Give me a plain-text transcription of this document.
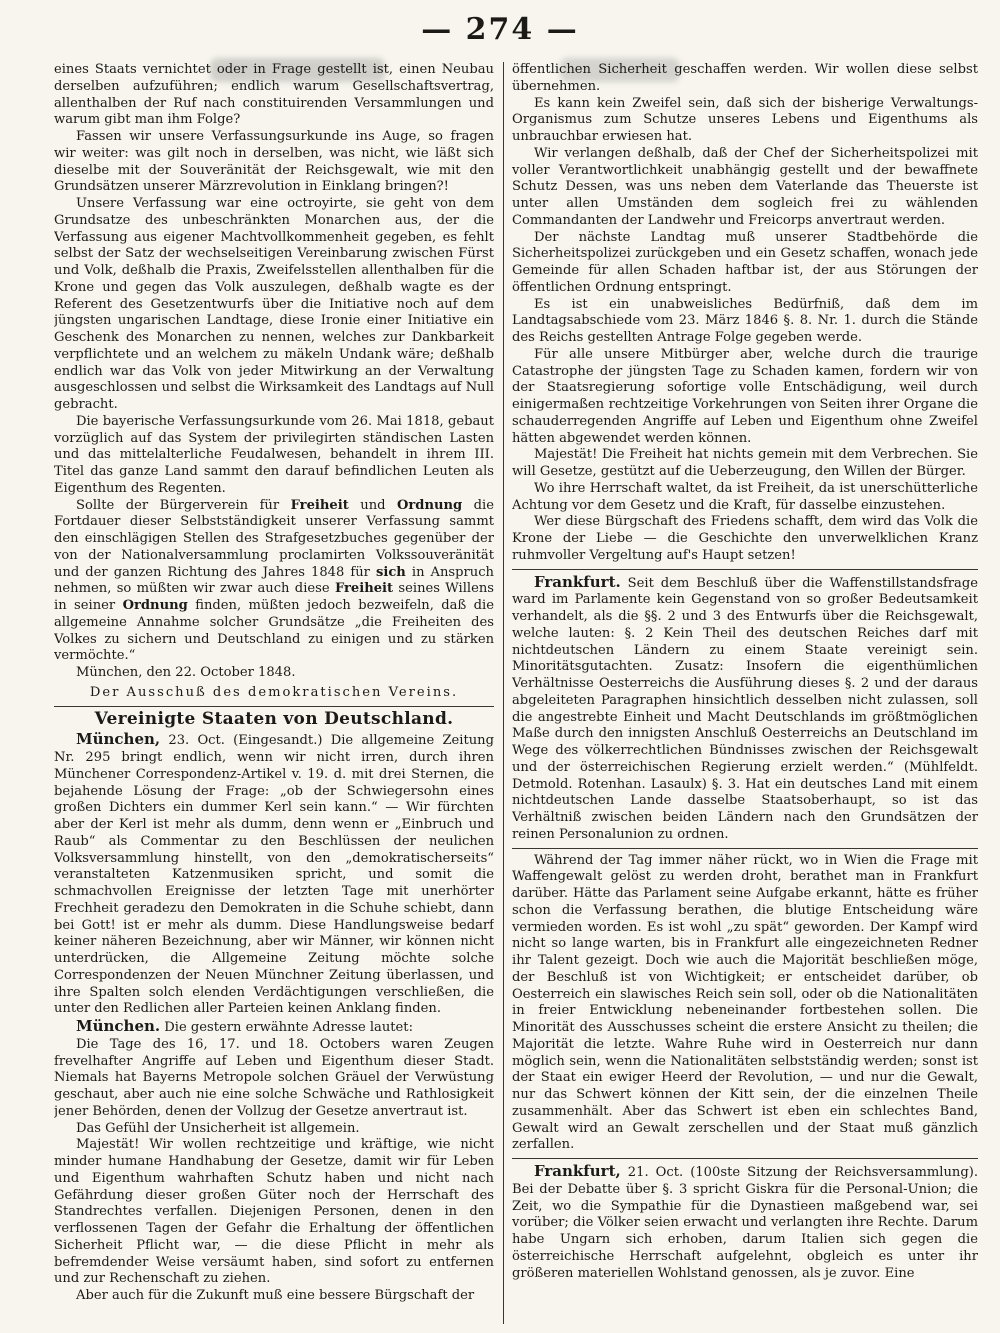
— 274 —

eines Staats vernichtet oder in Frage gestellt ist, einen Neubau derselben aufzuführen; endlich warum Gesellschaftsvertrag, allenthalben der Ruf nach constituirenden Versammlungen und warum gibt man ihm Folge?

Fassen wir unsere Verfassungsurkunde ins Auge, so fragen wir weiter: was gilt noch in derselben, was nicht, wie läßt sich dieselbe mit der Souveränität der Reichsgewalt, wie mit den Grundsätzen unserer Märzrevolution in Einklang bringen?!

Unsere Verfassung war eine octroyirte, sie geht von dem Grundsatze des unbeschränkten Monarchen aus, der die Verfassung aus eigener Machtvollkommenheit gegeben, es fehlt selbst der Satz der wechselseitigen Vereinbarung zwischen Fürst und Volk, deßhalb die Praxis, Zweifelsstellen allenthalben für die Krone und gegen das Volk auszulegen, deßhalb wagte es der Referent des Gesetzentwurfs über die Initiative noch auf dem jüngsten ungarischen Landtage, diese Ironie einer Initiative ein Geschenk des Monarchen zu nennen, welches zur Dankbarkeit verpflichtete und an welchem zu mäkeln Undank wäre; deßhalb endlich war das Volk von jeder Mitwirkung an der Verwaltung ausgeschlossen und selbst die Wirksamkeit des Landtags auf Null gebracht.

Die bayerische Verfassungsurkunde vom 26. Mai 1818, gebaut vorzüglich auf das System der privilegirten ständischen Lasten und das mittelalterliche Feudalwesen, behandelt in ihrem III. Titel das ganze Land sammt den darauf befindlichen Leuten als Eigenthum des Regenten.

Sollte der Bürgerverein für Freiheit und Ordnung die Fortdauer dieser Selbstständigkeit unserer Verfassung sammt den einschlägigen Stellen des Strafgesetzbuches gegenüber der von der Nationalversammlung proclamirten Volkssouveränität und der ganzen Richtung des Jahres 1848 für sich in Anspruch nehmen, so müßten wir zwar auch diese Freiheit seines Willens in seiner Ordnung finden, müßten jedoch bezweifeln, daß die allgemeine Annahme solcher Grundsätze „die Freiheiten des Volkes zu sichern und Deutschland zu einigen und zu stärken vermöchte.“

München, den 22. October 1848.

Der Ausschuß des demokratischen Vereins.

Vereinigte Staaten von Deutschland.

München, 23. Oct. (Eingesandt.) Die allgemeine Zeitung Nr. 295 bringt endlich, wenn wir nicht irren, durch ihren Münchener Correspondenz-Artikel v. 19. d. mit drei Sternen, die bejahende Lösung der Frage: „ob der Schwiegersohn eines großen Dichters ein dummer Kerl sein kann.“ — Wir fürchten aber der Kerl ist mehr als dumm, denn wenn er „Einbruch und Raub“ als Commentar zu den Beschlüssen der neulichen Volksversammlung hinstellt, von den „demokratischerseits“ veranstalteten Katzenmusiken spricht, und somit die schmachvollen Ereignisse der letzten Tage mit unerhörter Frechheit geradezu den Demokraten in die Schuhe schiebt, dann bei Gott! ist er mehr als dumm. Diese Handlungsweise bedarf keiner näheren Bezeichnung, aber wir Männer, wir können nicht unterdrücken, die Allgemeine Zeitung möchte solche Correspondenzen der Neuen Münchner Zeitung überlassen, und ihre Spalten solch elenden Verdächtigungen verschließen, die unter den Redlichen aller Parteien keinen Anklang finden.

München. Die gestern erwähnte Adresse lautet:

Die Tage des 16, 17. und 18. Octobers waren Zeugen frevelhafter Angriffe auf Leben und Eigenthum dieser Stadt. Niemals hat Bayerns Metropole solchen Gräuel der Verwüstung geschaut, aber auch nie eine solche Schwäche und Rathlosigkeit jener Behörden, denen der Vollzug der Gesetze anvertraut ist.

Das Gefühl der Unsicherheit ist allgemein.

Majestät! Wir wollen rechtzeitige und kräftige, wie nicht minder humane Handhabung der Gesetze, damit wir für Leben und Eigenthum wahrhaften Schutz haben und nicht nach Gefährdung dieser großen Güter noch der Herrschaft des Standrechtes verfallen. Diejenigen Personen, denen in den verflossenen Tagen der Gefahr die Erhaltung der öffentlichen Sicherheit Pflicht war, — die diese Pflicht in mehr als befremdender Weise versäumt haben, sind sofort zu entfernen und zur Rechenschaft zu ziehen.

Aber auch für die Zukunft muß eine bessere Bürgschaft der

öffentlichen Sicherheit geschaffen werden. Wir wollen diese selbst übernehmen.

Es kann kein Zweifel sein, daß sich der bisherige Verwaltungs-Organismus zum Schutze unseres Lebens und Eigenthums als unbrauchbar erwiesen hat.

Wir verlangen deßhalb, daß der Chef der Sicherheitspolizei mit voller Verantwortlichkeit unabhängig gestellt und der bewaffnete Schutz Dessen, was uns neben dem Vaterlande das Theuerste ist unter allen Umständen dem sogleich frei zu wählenden Commandanten der Landwehr und Freicorps anvertraut werden.

Der nächste Landtag muß unserer Stadtbehörde die Sicherheitspolizei zurückgeben und ein Gesetz schaffen, wonach jede Gemeinde für allen Schaden haftbar ist, der aus Störungen der öffentlichen Ordnung entspringt.

Es ist ein unabweisliches Bedürfniß, daß dem im Landtagsabschiede vom 23. März 1846 §. 8. Nr. 1. durch die Stände des Reichs gestellten Antrage Folge gegeben werde.

Für alle unsere Mitbürger aber, welche durch die traurige Catastrophe der jüngsten Tage zu Schaden kamen, fordern wir von der Staatsregierung sofortige volle Entschädigung, weil durch einigermaßen rechtzeitige Vorkehrungen von Seiten ihrer Organe die schauderregenden Angriffe auf Leben und Eigenthum ohne Zweifel hätten abgewendet werden können.

Majestät! Die Freiheit hat nichts gemein mit dem Verbrechen. Sie will Gesetze, gestützt auf die Ueberzeugung, den Willen der Bürger.

Wo ihre Herrschaft waltet, da ist Freiheit, da ist unerschütterliche Achtung vor dem Gesetz und die Kraft, für dasselbe einzustehen.

Wer diese Bürgschaft des Friedens schafft, dem wird das Volk die Krone der Liebe — die Geschichte den unverwelklichen Kranz ruhmvoller Vergeltung auf's Haupt setzen!

Frankfurt. Seit dem Beschluß über die Waffenstillstandsfrage ward im Parlamente kein Gegenstand von so großer Bedeutsamkeit verhandelt, als die §§. 2 und 3 des Entwurfs über die Reichsgewalt, welche lauten: §. 2 Kein Theil des deutschen Reiches darf mit nichtdeutschen Ländern zu einem Staate vereinigt sein. Minoritätsgutachten. Zusatz: Insofern die eigenthümlichen Verhältnisse Oesterreichs die Ausführung dieses §. 2 und der daraus abgeleiteten Paragraphen hinsichtlich desselben nicht zulassen, soll die angestrebte Einheit und Macht Deutschlands im größtmöglichen Maße durch den innigsten Anschluß Oesterreichs an Deutschland im Wege des völkerrechtlichen Bündnisses zwischen der Reichsgewalt und der österreichischen Regierung erzielt werden.“ (Mühlfeldt. Detmold. Rotenhan. Lasaulx) §. 3. Hat ein deutsches Land mit einem nichtdeutschen Lande dasselbe Staatsoberhaupt, so ist das Verhältniß zwischen beiden Ländern nach den Grundsätzen der reinen Personalunion zu ordnen.

Während der Tag immer näher rückt, wo in Wien die Frage mit Waffengewalt gelöst zu werden droht, berathet man in Frankfurt darüber. Hätte das Parlament seine Aufgabe erkannt, hätte es früher schon die Verfassung berathen, die blutige Entscheidung wäre vermieden worden. Es ist wohl „zu spät“ geworden. Der Kampf wird nicht so lange warten, bis in Frankfurt alle eingezeichneten Redner ihr Talent gezeigt. Doch wie auch die Majorität beschließen möge, der Beschluß ist von Wichtigkeit; er entscheidet darüber, ob Oesterreich ein slawisches Reich sein soll, oder ob die Nationalitäten in freier Entwicklung nebeneinander fortbestehen sollen. Die Minorität des Ausschusses scheint die erstere Ansicht zu theilen; die Majorität die letzte. Wahre Ruhe wird in Oesterreich nur dann möglich sein, wenn die Nationalitäten selbstständig werden; sonst ist der Staat ein ewiger Heerd der Revolution, — und nur die Gewalt, nur das Schwert können der Kitt sein, der die einzelnen Theile zusammenhält. Aber das Schwert ist eben ein schlechtes Band, Gewalt wird an Gewalt zerschellen und der Staat muß gänzlich zerfallen.

Frankfurt, 21. Oct. (100ste Sitzung der Reichsversammlung). Bei der Debatte über §. 3 spricht Giskra für die Personal-Union; die Zeit, wo die Sympathie für die Dynastieen maßgebend war, sei vorüber; die Völker seien erwacht und verlangten ihre Rechte. Darum habe Ungarn sich erhoben, darum Italien sich gegen die österreichische Herrschaft aufgelehnt, obgleich es unter ihr größeren materiellen Wohlstand genossen, als je zuvor. Eine
